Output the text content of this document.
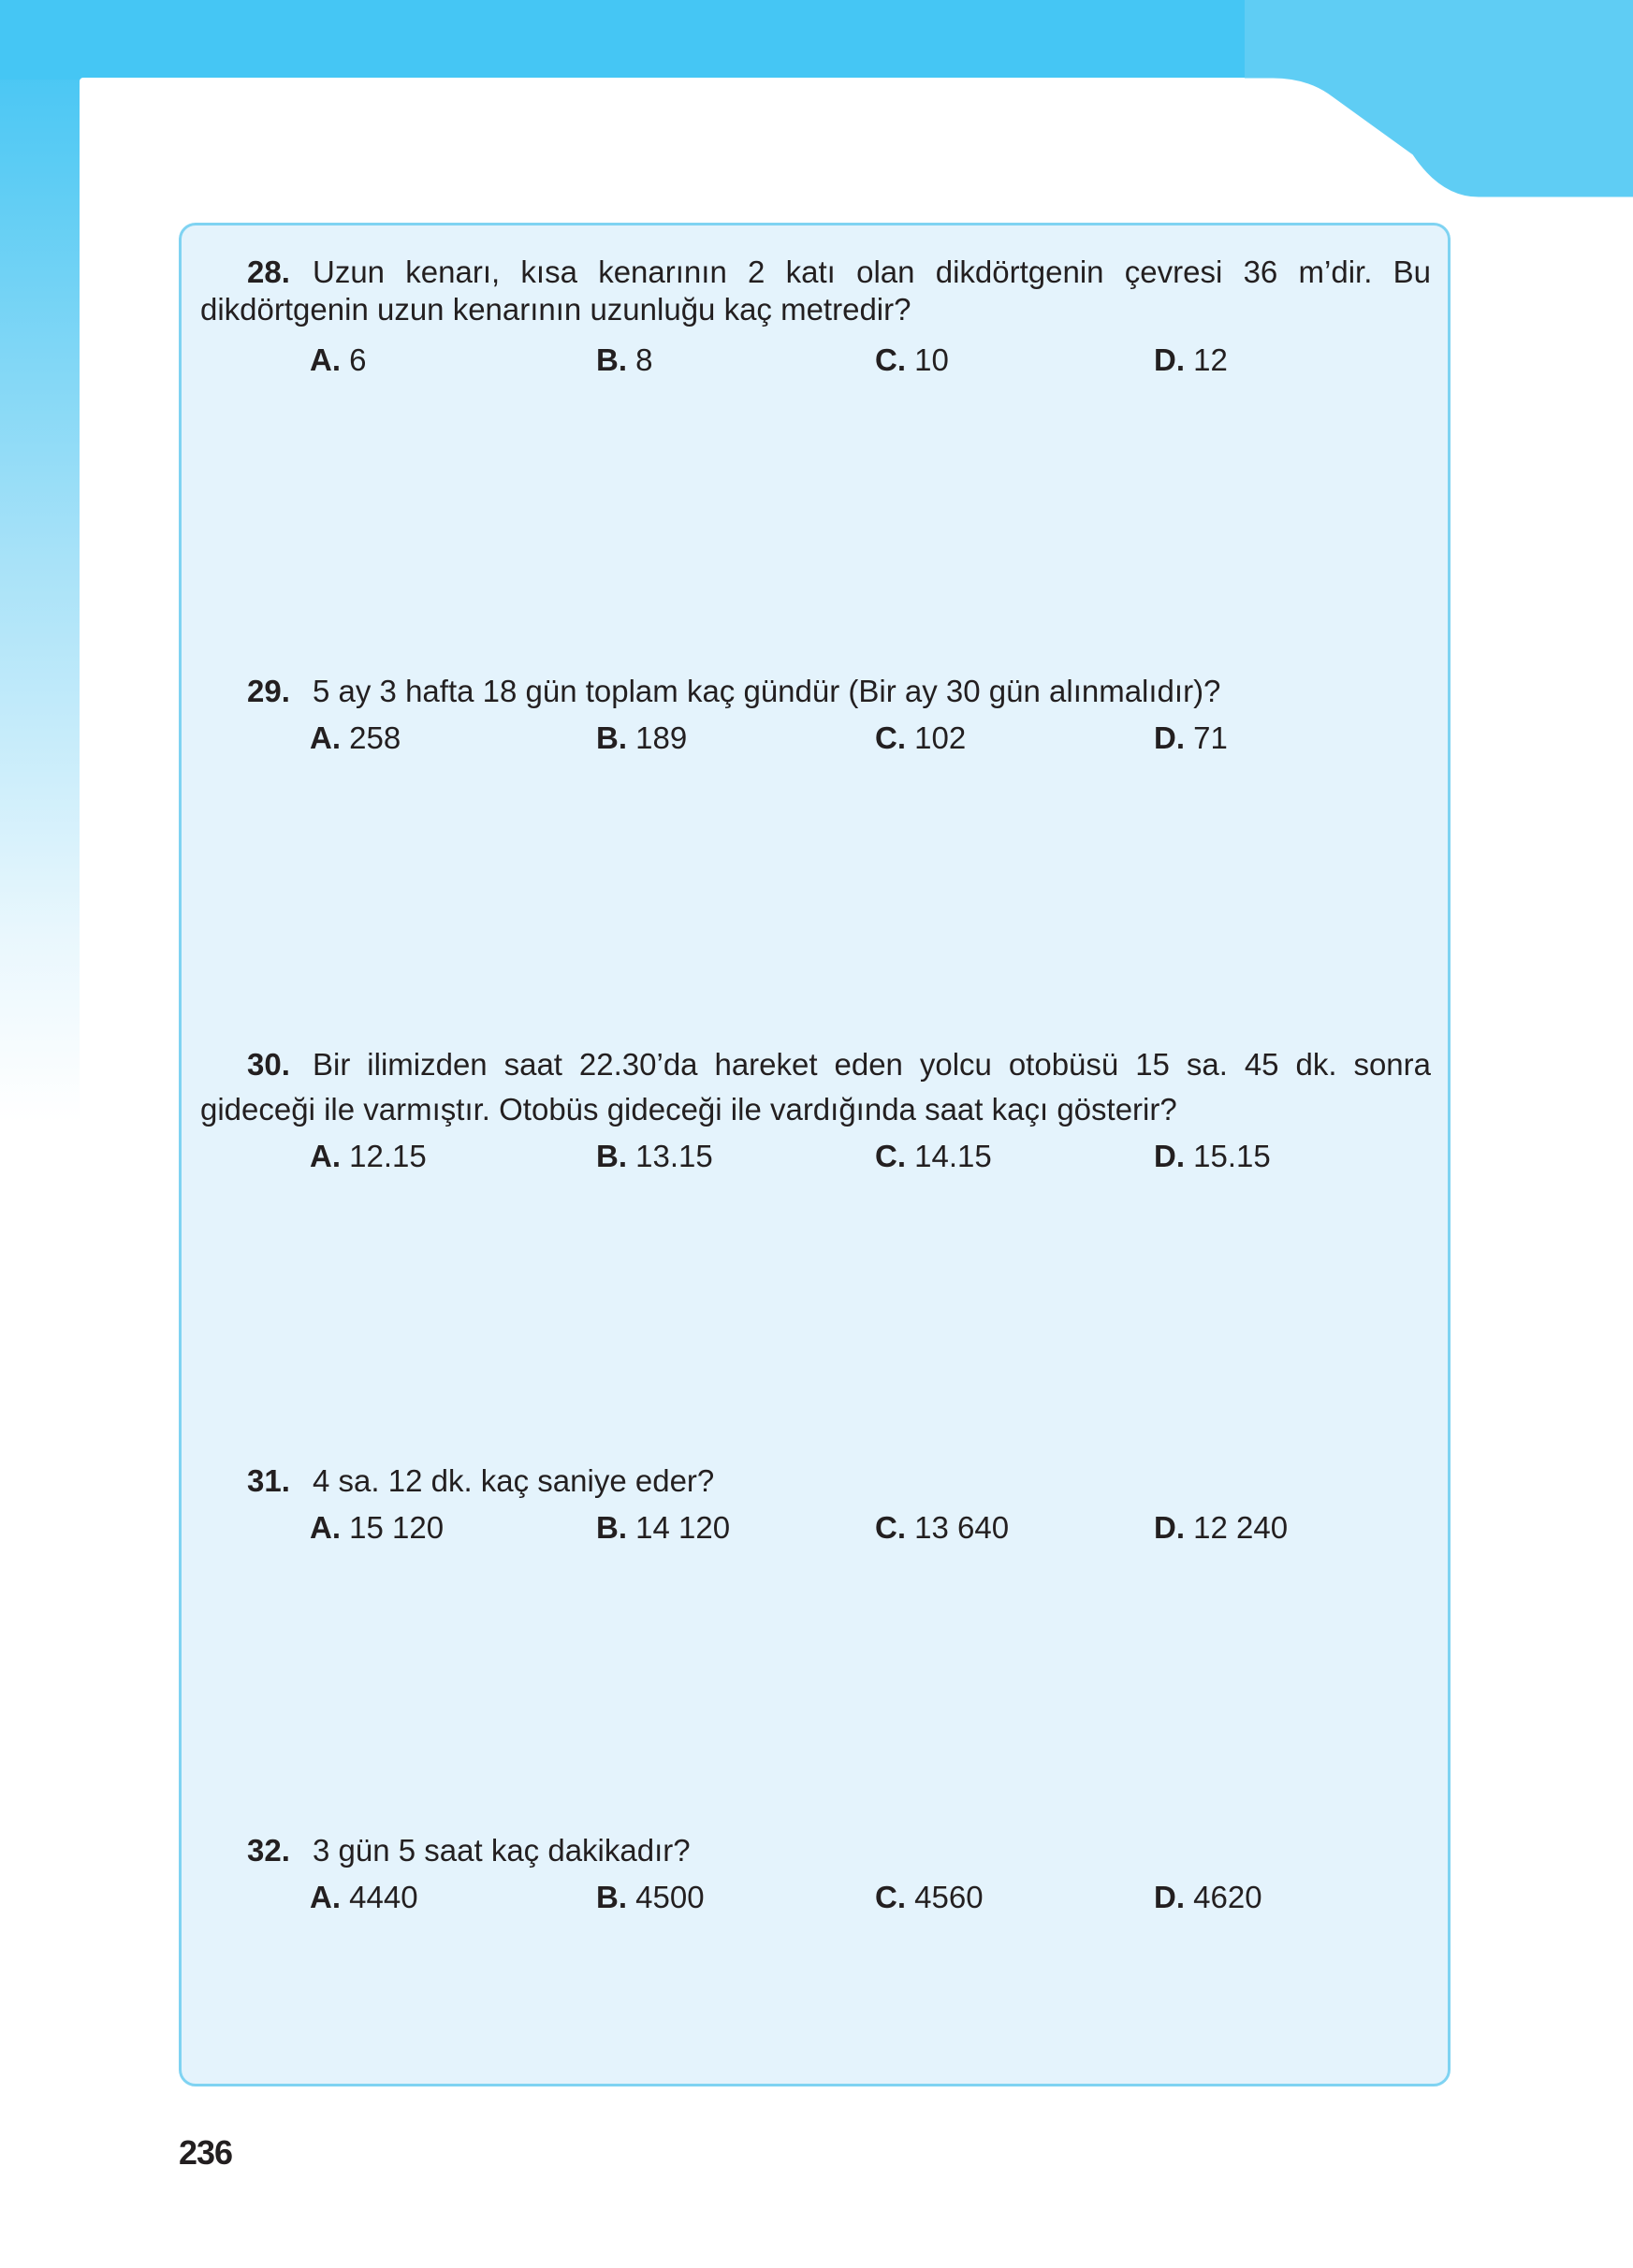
28. Uzun kenarı, kısa kenarının 2 katı olan dikdörtgenin çevresi 36 m’dir. Bu dikdörtgenin uzun kenarının uzunluğu kaç metredir?

A. 6	B. 8	C. 10	D. 12

29. 5 ay 3 hafta 18 gün toplam kaç gündür (Bir ay 30 gün alınmalıdır)?

A. 258	B. 189	C. 102	D. 71

30. Bir ilimizden saat 22.30’da hareket eden yolcu otobüsü 15 sa. 45 dk. sonra gideceği ile varmıştır. Otobüs gideceği ile vardığında saat kaçı gösterir?

A. 12.15	B. 13.15	C. 14.15	D. 15.15

31. 4 sa. 12 dk. kaç saniye eder?

A. 15 120	B. 14 120	C. 13 640	D. 12 240

32. 3 gün 5 saat kaç dakikadır?

A. 4440	B. 4500	C. 4560	D. 4620
236
